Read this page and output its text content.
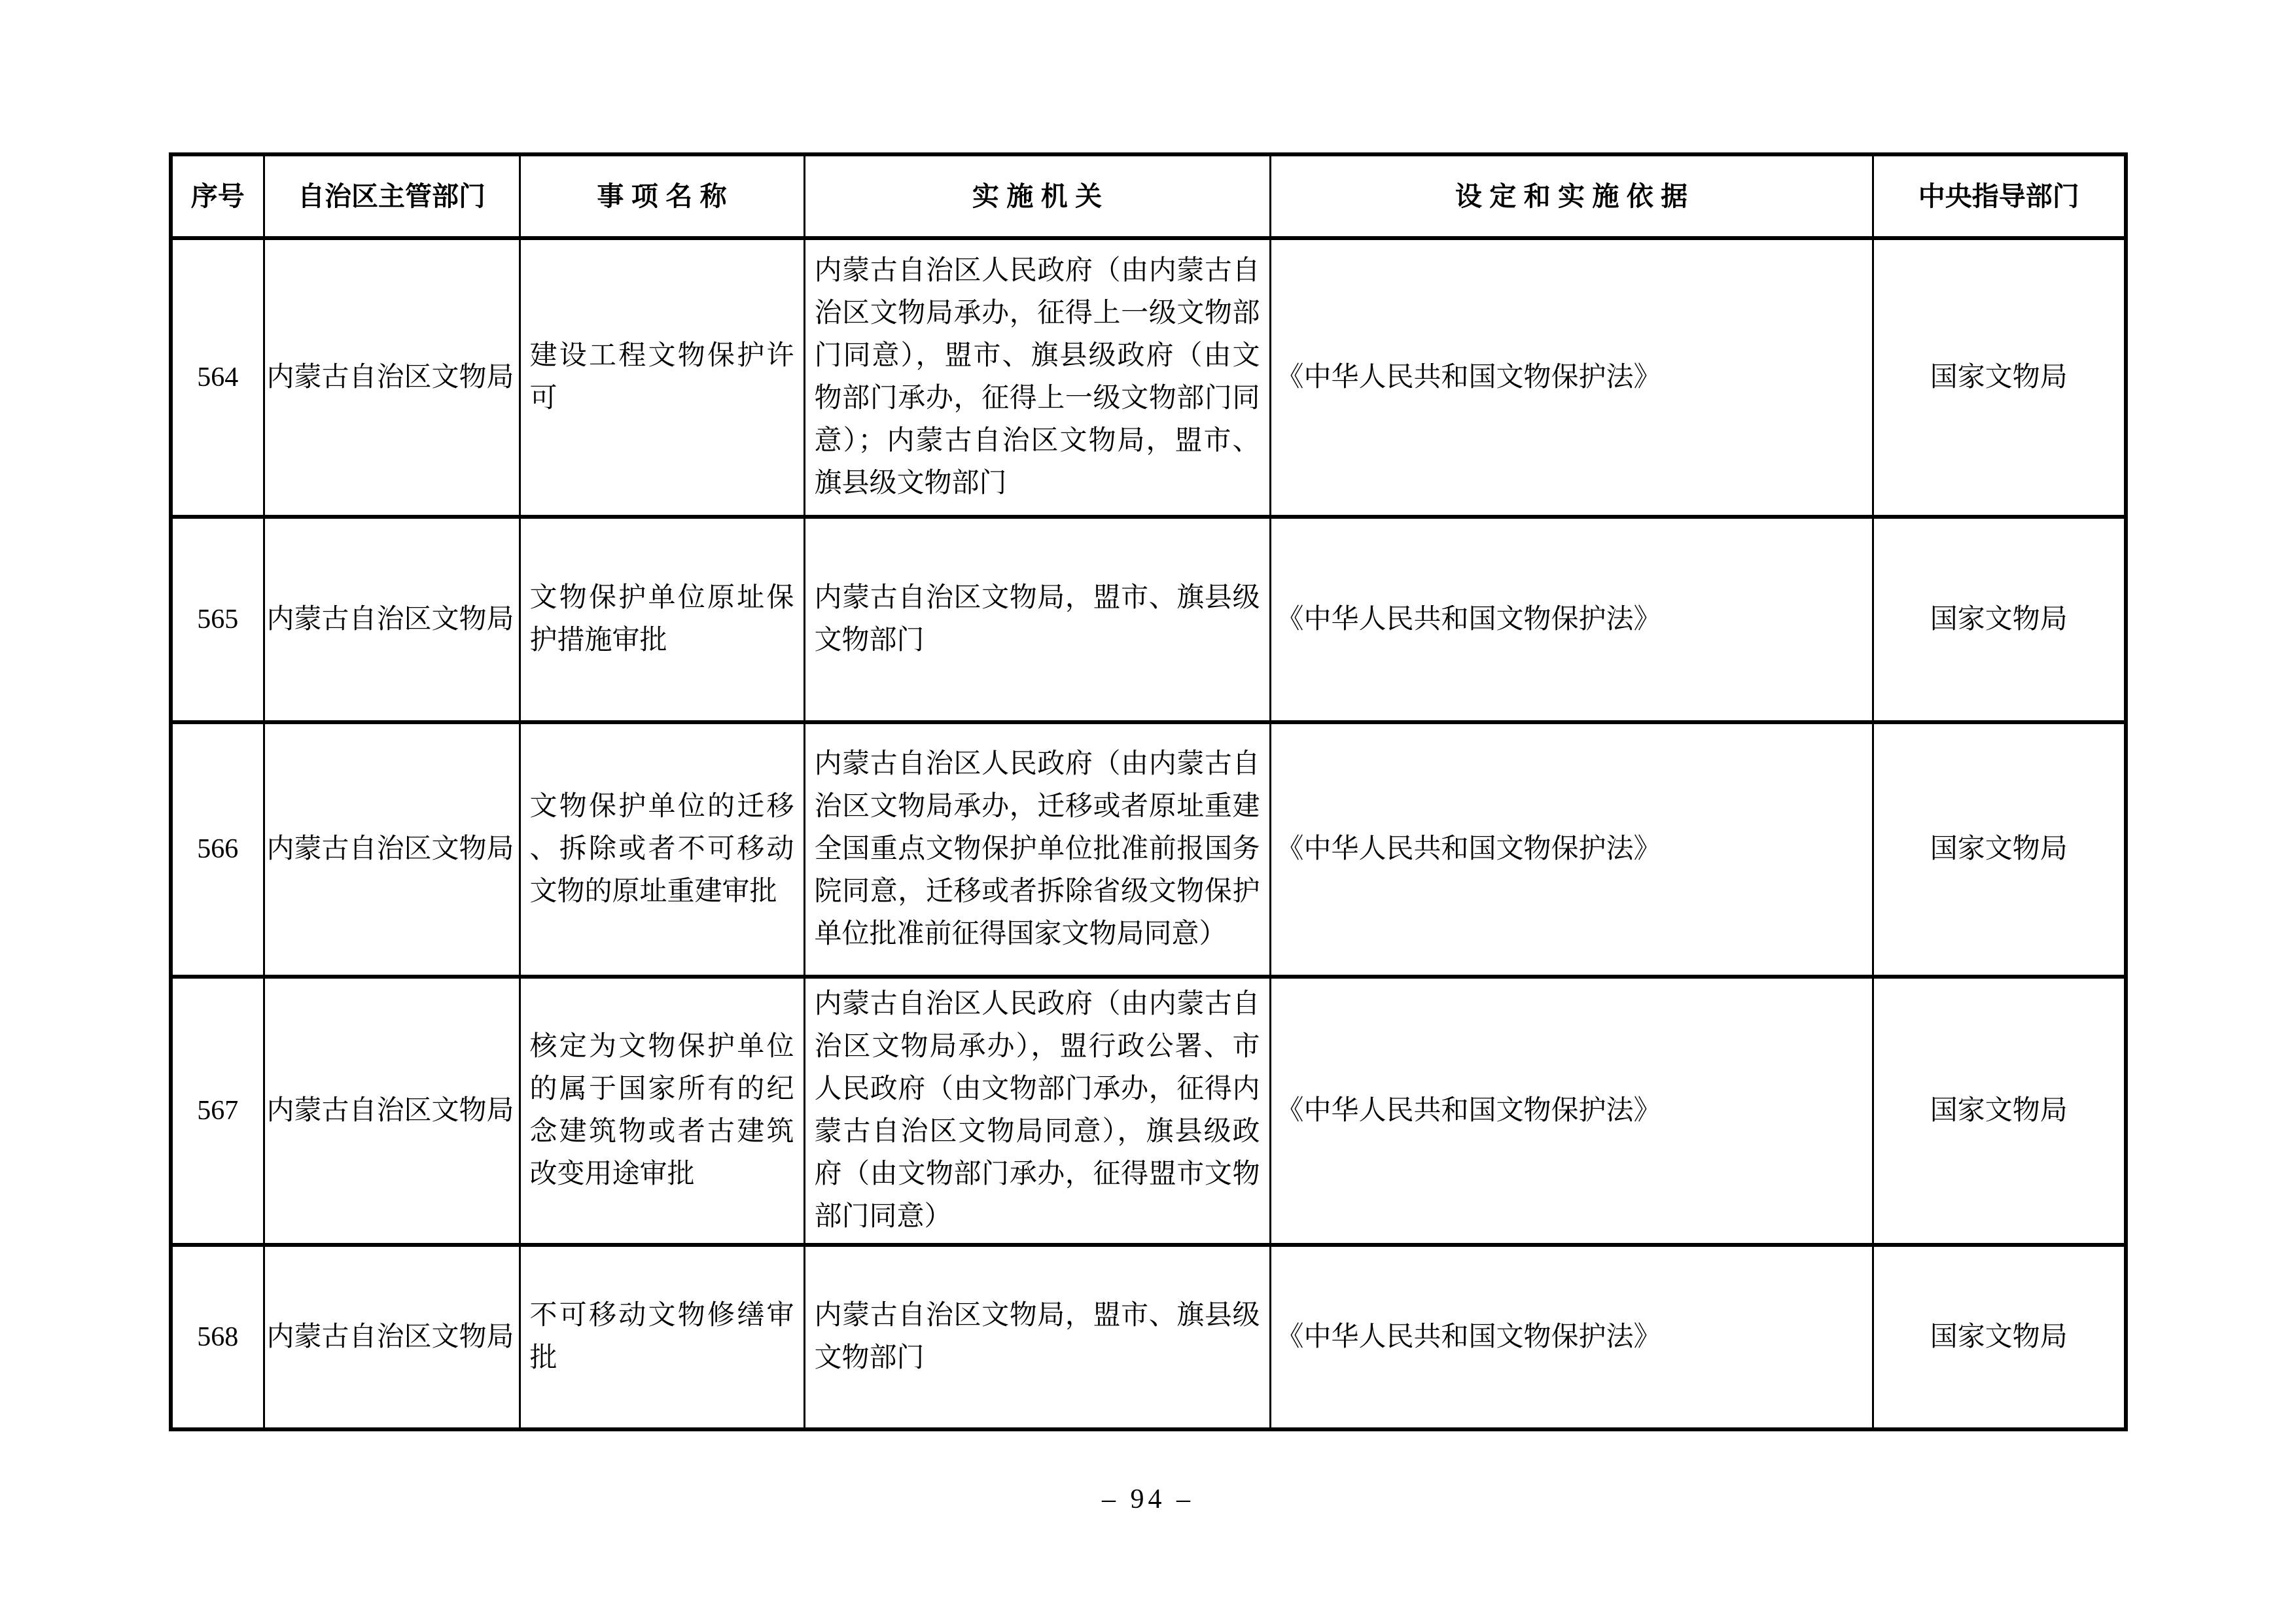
序号	自治区主管部门	事 项 名 称	实 施 机 关	设 定 和 实 施 依 据	中央指导部门
564	内蒙古自治区文物局	建设工程文物保护许可	内蒙古自治区人民政府（由内蒙古自治区文物局承办，征得上一级文物部门同意），盟市、旗县级政府（由文物部门承办，征得上一级文物部门同意）；内蒙古自治区文物局，盟市、旗县级文物部门	《中华人民共和国文物保护法》	国家文物局
565	内蒙古自治区文物局	文物保护单位原址保护措施审批	内蒙古自治区文物局，盟市、旗县级文物部门	《中华人民共和国文物保护法》	国家文物局
566	内蒙古自治区文物局	文物保护单位的迁移、拆除或者不可移动文物的原址重建审批	内蒙古自治区人民政府（由内蒙古自治区文物局承办，迁移或者原址重建全国重点文物保护单位批准前报国务院同意，迁移或者拆除省级文物保护单位批准前征得国家文物局同意）	《中华人民共和国文物保护法》	国家文物局
567	内蒙古自治区文物局	核定为文物保护单位的属于国家所有的纪念建筑物或者古建筑改变用途审批	内蒙古自治区人民政府（由内蒙古自治区文物局承办），盟行政公署、市人民政府（由文物部门承办，征得内蒙古自治区文物局同意），旗县级政府（由文物部门承办，征得盟市文物部门同意）	《中华人民共和国文物保护法》	国家文物局
568	内蒙古自治区文物局	不可移动文物修缮审批	内蒙古自治区文物局，盟市、旗县级文物部门	《中华人民共和国文物保护法》	国家文物局
– 94 –
